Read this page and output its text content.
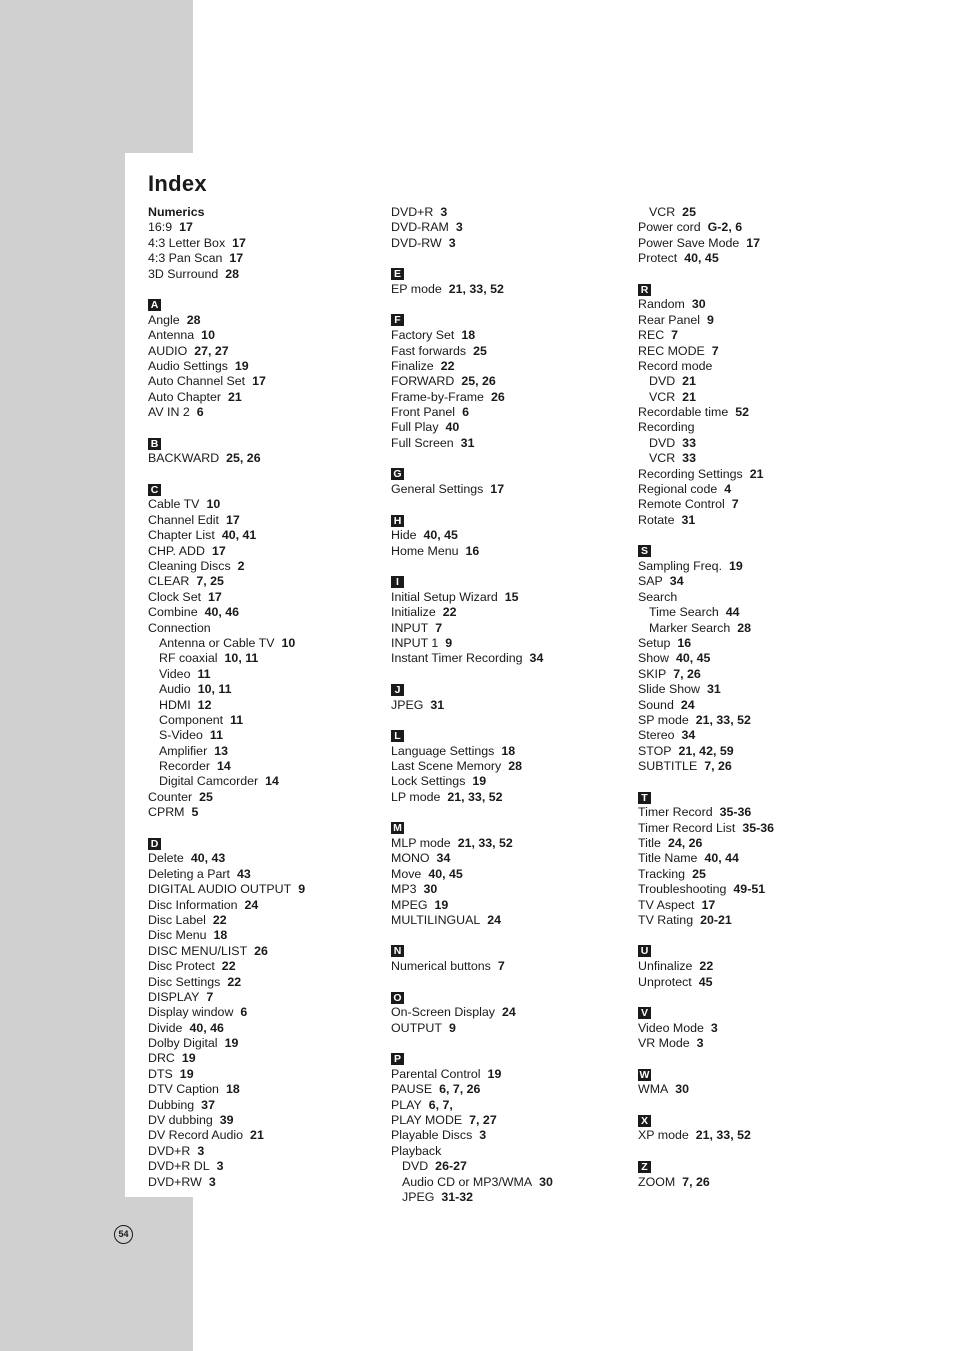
Index
Numerics
16:9 17
4:3 Letter Box 17
4:3 Pan Scan 17
3D Surround 28
A
Angle 28
Antenna 10
AUDIO 27, 27
Audio Settings 19
Auto Channel Set 17
Auto Chapter 21
AV IN 2 6
B
BACKWARD 25, 26
C
Cable TV 10
Channel Edit 17
Chapter List 40, 41
CHP. ADD 17
Cleaning Discs 2
CLEAR 7, 25
Clock Set 17
Combine 40, 46
Connection
Antenna or Cable TV 10
RF coaxial 10, 11
Video 11
Audio 10, 11
HDMI 12
Component 11
S-Video 11
Amplifier 13
Recorder 14
Digital Camcorder 14
Counter 25
CPRM 5
D
Delete 40, 43
Deleting a Part 43
DIGITAL AUDIO OUTPUT 9
Disc Information 24
Disc Label 22
Disc Menu 18
DISC MENU/LIST 26
Disc Protect 22
Disc Settings 22
DISPLAY 7
Display window 6
Divide 40, 46
Dolby Digital 19
DRC 19
DTS 19
DTV Caption 18
Dubbing 37
DV dubbing 39
DV Record Audio 21
DVD+R 3
DVD+R DL 3
DVD+RW 3
DVD+R 3
DVD-RAM 3
DVD-RW 3
E
EP mode 21, 33, 52
F
Factory Set 18
Fast forwards 25
Finalize 22
FORWARD 25, 26
Frame-by-Frame 26
Front Panel 6
Full Play 40
Full Screen 31
G
General Settings 17
H
Hide 40, 45
Home Menu 16
I
Initial Setup Wizard 15
Initialize 22
INPUT 7
INPUT 1 9
Instant Timer Recording 34
J
JPEG 31
L
Language Settings 18
Last Scene Memory 28
Lock Settings 19
LP mode 21, 33, 52
M
MLP mode 21, 33, 52
MONO 34
Move 40, 45
MP3 30
MPEG 19
MULTILINGUAL 24
N
Numerical buttons 7
O
On-Screen Display 24
OUTPUT 9
P
Parental Control 19
PAUSE 6, 7, 26
PLAY 6, 7,
PLAY MODE 7, 27
Playable Discs 3
Playback
DVD 26-27
Audio CD or MP3/WMA 30
JPEG 31-32
VCR 25
Power cord G-2, 6
Power Save Mode 17
Protect 40, 45
R
Random 30
Rear Panel 9
REC 7
REC MODE 7
Record mode
DVD 21
VCR 21
Recordable time 52
Recording
DVD 33
VCR 33
Recording Settings 21
Regional code 4
Remote Control 7
Rotate 31
S
Sampling Freq. 19
SAP 34
Search
Time Search 44
Marker Search 28
Setup 16
Show 40, 45
SKIP 7, 26
Slide Show 31
Sound 24
SP mode 21, 33, 52
Stereo 34
STOP 21, 42, 59
SUBTITLE 7, 26
T
Timer Record 35-36
Timer Record List 35-36
Title 24, 26
Title Name 40, 44
Tracking 25
Troubleshooting 49-51
TV Aspect 17
TV Rating 20-21
U
Unfinalize 22
Unprotect 45
V
Video Mode 3
VR Mode 3
W
WMA 30
X
XP mode 21, 33, 52
Z
ZOOM 7, 26
54
